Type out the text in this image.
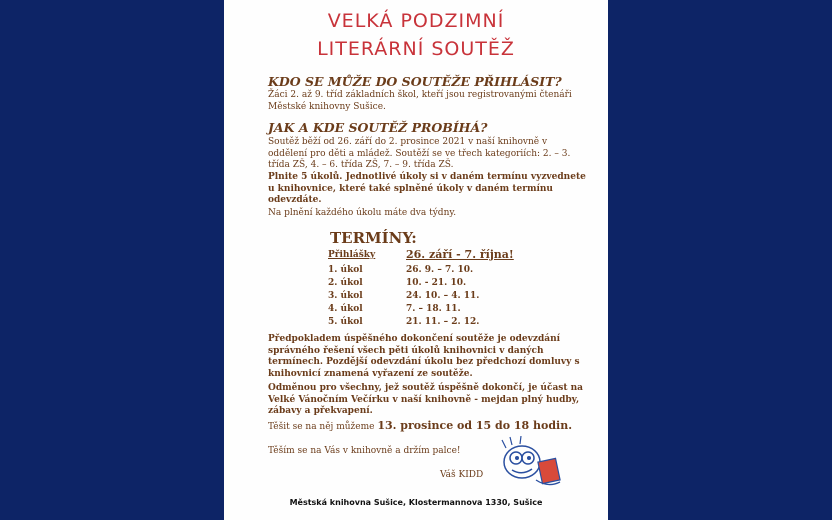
VELKÁ PODZIMNÍ
LITERÁRNÍ SOUTĚŽ
KDO SE MŮŽE DO SOUTĚŽE PŘIHLÁSIT?
Žáci 2. až 9. tříd základních škol, kteří jsou registrovanými čtenáři Městské knihovny Sušice.
JAK A KDE SOUTĚŽ PROBÍHÁ?
Soutěž běží od 26. září do 2. prosince 2021 v naší knihovně v oddělení pro děti a mládež. Soutěží se ve třech kategoriích: 2. – 3. třída ZŠ, 4. – 6. třída ZŠ, 7. – 9. třída ZŠ.
Plnite 5 úkolů. Jednotlivé úkoly si v daném termínu vyzvednete u knihovnice, které také splněné úkoly v daném termínu odevzdáte.
Na plnění každého úkolu máte dva týdny.
TERMÍNY:
Přihlášky	26. září - 7. října!
1. úkol	26. 9. – 7. 10.
2. úkol	10. - 21. 10.
3. úkol	24. 10. – 4. 11.
4. úkol	7. – 18. 11.
5. úkol	21. 11. – 2. 12.
Předpokladem úspěšného dokončení soutěže je odevzdání správného řešení všech pěti úkolů knihovnici v daných termínech. Pozdější odevzdání úkolu bez předchozí domluvy s knihovnicí znamená vyřazení ze soutěže.
Odměnou pro všechny, jež soutěž úspěšně dokončí, je účast na Velké Vánočním Večírku v naší knihovně - mejdan plný hudby, zábavy a překvapení.
Těšit se na něj můžeme 13. prosince od 15 do 18 hodin.
Těším se na Vás v knihovně a držím palce!
Váš KIDD
Městská knihovna Sušice, Klostermannova 1330, Sušice
